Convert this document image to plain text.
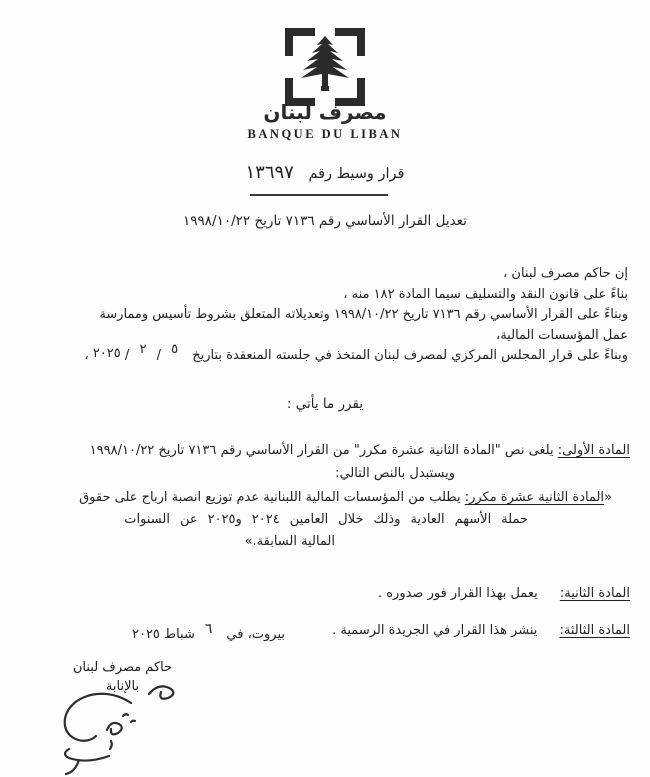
مصرف لبنان
BANQUE DU LIBAN
قرار وسيط رقم ١٣٦٩٧
تعديل القرار الأساسي رقم ٧١٣٦ تاريخ ١٩٩٨/١٠/٢٢
إن حاكم مصرف لبنان ،
بناءً على قانون النقد والتسليف سيما المادة ١٨٢ منه ،
وبناءً على القرار الأساسي رقم ٧١٣٦ تاريخ ١٩٩٨/١٠/٢٢ وتعديلاته المتعلق بشروط تأسيس وممارسة
عمل المؤسسات المالية،
وبناءً على قرار المجلس المركزي لمصرف لبنان المتخذ في جلسته المنعقدة بتاريخ ٥ / ٢ / ٢٠٢٥ ،
يقرر ما يأتي :
المادة الأولى: يلغى نص "المادة الثانية عشرة مكرر" من القرار الأساسي رقم ٧١٣٦ تاريخ ١٩٩٨/١٠/٢٢
ويستبدل بالنص التالي:
«المادة الثانية عشرة مكرر: يطلب من المؤسسات المالية اللبنانية عدم توزيع انصبة ارباح على حقوق
حملة الأسهم العادية وذلك خلال العامين ٢٠٢٤ و٢٠٢٥ عن السنوات
المالية السابقة.»
المادة الثانية: يعمل بهذا القرار فور صدوره .
المادة الثالثة: ينشر هذا القرار في الجريدة الرسمية .
بيروت، في٦شباط ٢٠٢٥
حاكم مصرف لبنان
بالإنابة
